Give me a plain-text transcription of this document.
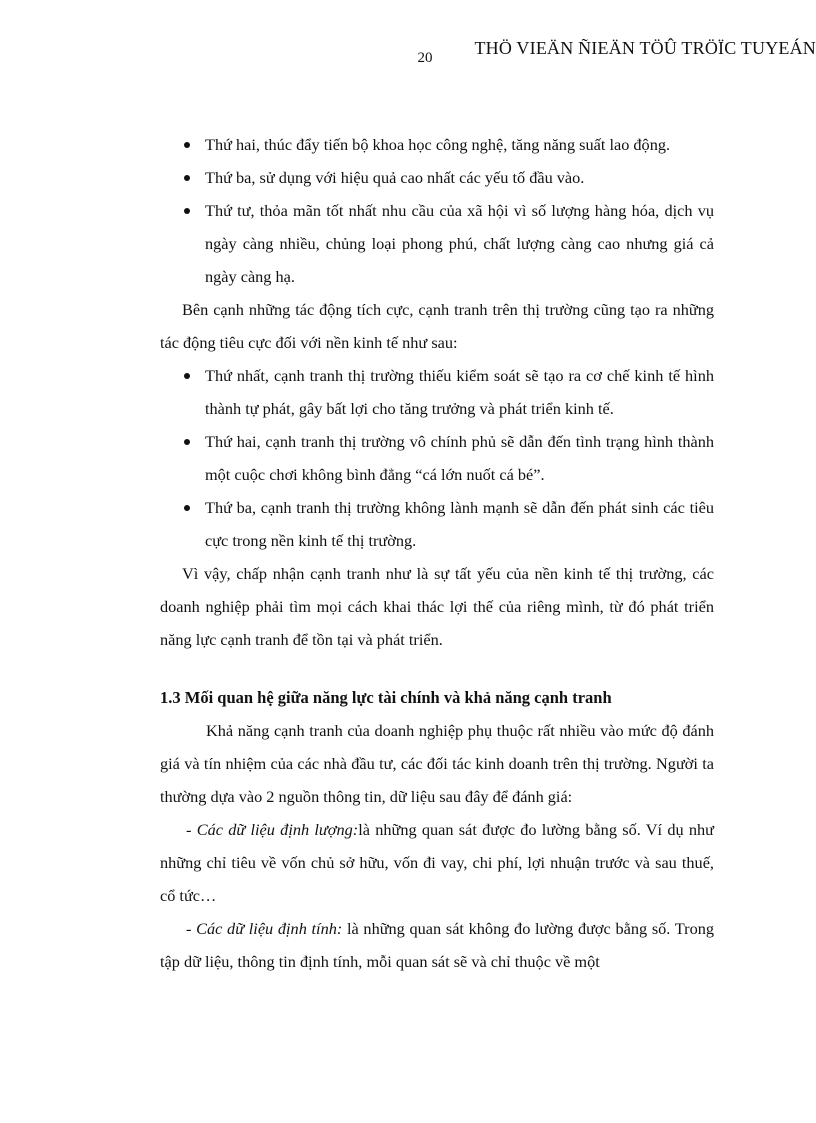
20	THÖ VIEÄN ÑIEÄN TÖÛ TRÖÏC TUYEÁN
Thứ hai, thúc đẩy tiến bộ khoa học công nghệ, tăng năng suất lao động.
Thứ ba, sử dụng với hiệu quả cao nhất các yếu tố đầu vào.
Thứ tư, thỏa mãn tốt nhất nhu cầu của xã hội vì số lượng hàng hóa, dịch vụ ngày càng nhiều, chủng loại phong phú, chất lượng càng cao nhưng giá cả ngày càng hạ.
Bên cạnh những tác động tích cực, cạnh tranh trên thị trường cũng tạo ra những tác động tiêu cực đối với nền kinh tế như sau:
Thứ nhất, cạnh tranh thị trường thiếu kiểm soát sẽ tạo ra cơ chế kinh tế hình thành tự phát, gây bất lợi cho tăng trưởng và phát triển kinh tế.
Thứ hai, cạnh tranh thị trường vô chính phủ sẽ dẫn đến tình trạng hình thành một cuộc chơi không bình đẳng “cá lớn nuốt cá bé”.
Thứ ba, cạnh tranh thị trường không lành mạnh sẽ dẫn đến phát sinh các tiêu cực trong nền kinh tế thị trường.
Vì vậy, chấp nhận cạnh tranh như là sự tất yếu của nền kinh tế thị trường, các doanh nghiệp phải tìm mọi cách khai thác lợi thế của riêng mình, từ đó phát triển năng lực cạnh tranh để tồn tại và phát triển.
1.3 Mối quan hệ giữa năng lực tài chính và khả năng cạnh tranh
Khả năng cạnh tranh của doanh nghiệp phụ thuộc rất nhiều vào mức độ đánh giá và tín nhiệm của các nhà đầu tư, các đối tác kinh doanh trên thị trường. Người ta thường dựa vào 2 nguồn thông tin, dữ liệu sau đây để đánh giá:
- Các dữ liệu định lượng:là những quan sát được đo lường bằng số. Ví dụ như những chỉ tiêu về vốn chủ sở hữu, vốn đi vay, chi phí, lợi nhuận trước và sau thuế, cổ tức…
- Các dữ liệu định tính: là những quan sát không đo lường được bằng số. Trong tập dữ liệu, thông tin định tính, mỗi quan sát sẽ và chỉ thuộc về một
